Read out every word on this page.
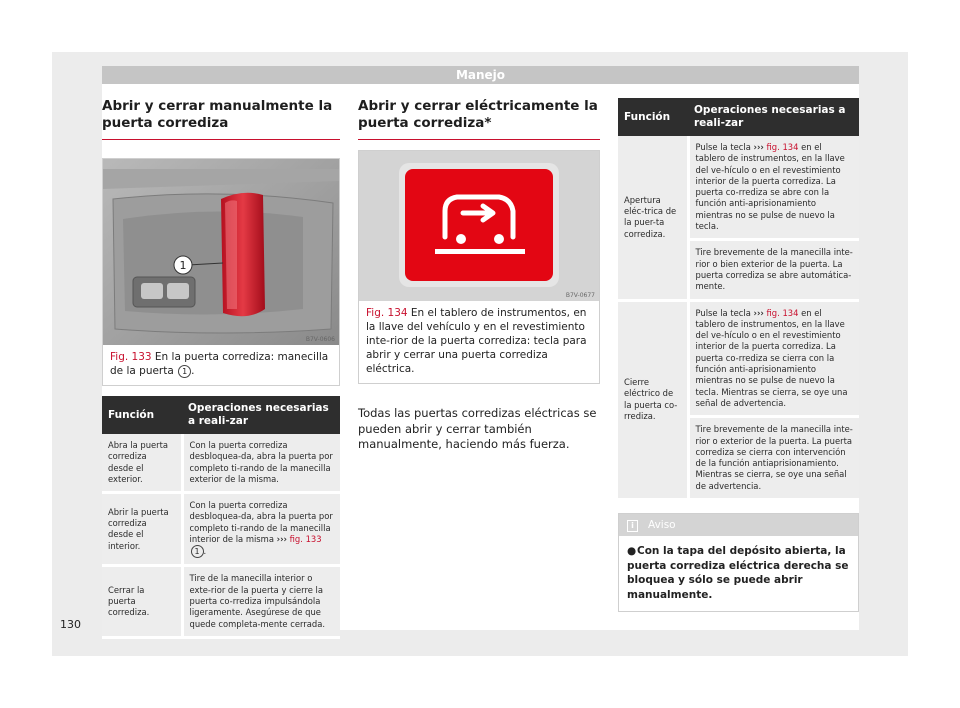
Manejo
Abrir y cerrar manualmente la puerta corrediza
1
B7V-0606
Fig. 133 En la puerta corrediza: manecilla de la puerta 1 .
Función	Operaciones necesarias a reali-zar
Abra la puerta corrediza desde el exterior.	Con la puerta corrediza desbloquea-da, abra la puerta por completo ti-rando de la manecilla exterior de la misma.
Abrir la puerta corrediza desde el interior.	Con la puerta corrediza desbloquea-da, abra la puerta por completo ti-rando de la manecilla interior de la misma ››› fig. 133 1 .
Cerrar la puerta corrediza.	Tire de la manecilla interior o exte-rior de la puerta y cierre la puerta co-rrediza impulsándola ligeramente. Asegúrese de que quede completa-mente cerrada.
Abrir y cerrar eléctricamente la puerta corrediza*
B7V-0677
Fig. 134 En el tablero de instrumentos, en la llave del vehículo y en el revestimiento inte-rior de la puerta corrediza: tecla para abrir y cerrar una puerta corrediza eléctrica.

Todas las puertas corredizas eléctricas se pueden abrir y cerrar también manualmente, haciendo más fuerza.

Función	Operaciones necesarias a reali-zar
Apertura eléc-trica de la puer-ta corrediza.	Pulse la tecla ››› fig. 134 en el tablero de instrumentos, en la llave del ve-hículo o en el revestimiento interior de la puerta corrediza. La puerta co-rrediza se abre con la función anti-aprisionamiento mientras no se pulse de nuevo la tecla.
	Tire brevemente de la manecilla inte-rior o bien exterior de la puerta. La puerta corrediza se abre automática-mente.
Cierre eléctrico de la puerta co-rrediza.	Pulse la tecla ››› fig. 134 en el tablero de instrumentos, en la llave del ve-hículo o en el revestimiento interior de la puerta corrediza. La puerta co-rrediza se cierra con la función anti-aprisionamiento mientras no se pulse de nuevo la tecla. Mientras se cierra, se oye una señal de advertencia.
	Tire brevemente de la manecilla inte-rior o exterior de la puerta. La puerta corrediza se cierra con intervención de la función antiaprisionamiento. Mientras se cierra, se oye una señal de advertencia.
i Aviso
●Con la tapa del depósito abierta, la puerta corrediza eléctrica derecha se bloquea y sólo se puede abrir manualmente.
130
